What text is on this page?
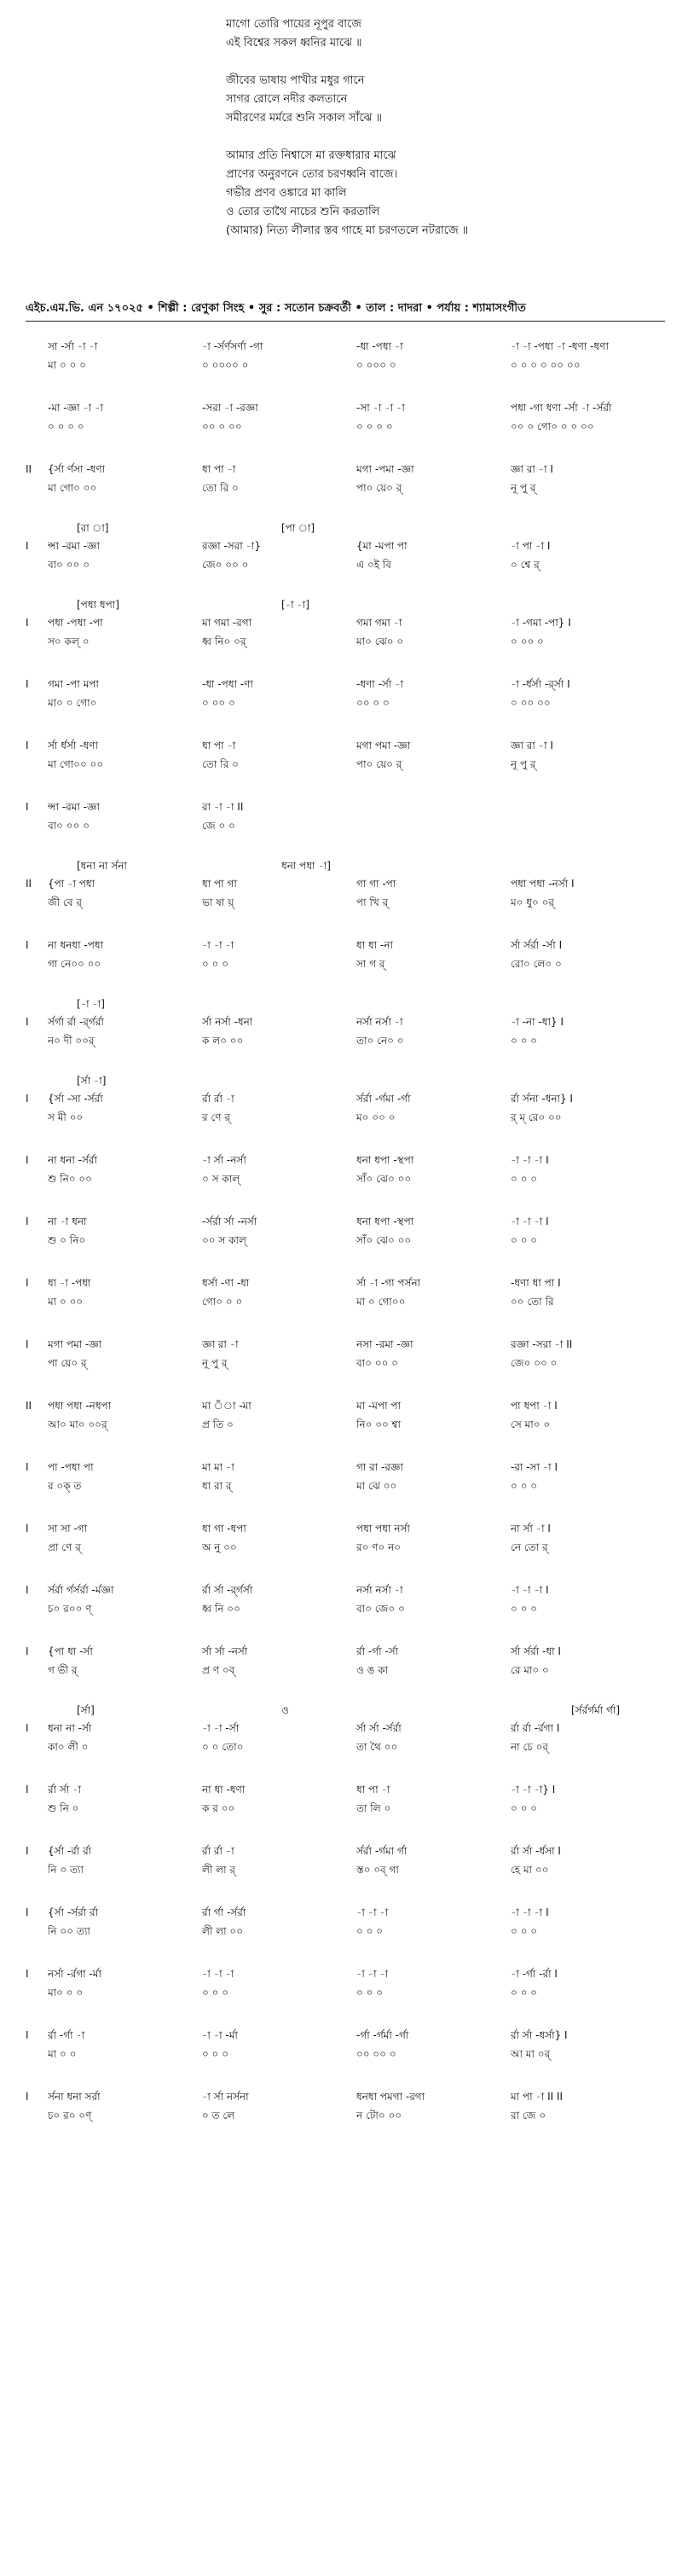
মাগো তোরি পায়ের নূপুর বাজে
এই বিশ্বের সকল ধ্বনির মাঝে ॥
জীবের ভাষায় পাখীর মধুর গানে
সাগর রোলে নদীর কলতানে
সমীরণের মর্মরে শুনি সকাল সাঁঝে ॥
আমার প্রতি নিশ্বাসে মা রক্তধারার মাঝে
প্রাণের অনুরণনে তোর চরণধ্বনি বাজে।
গভীর প্রণব ওঙ্কারে মা কালি
ও তোর তাথৈ নাচের শুনি করতালি
(আমার) নিত্য লীলার স্তব গাহে মা চরণতলে নটরাজে ॥
এইচ.এম.ভি. এন ১৭০২৫ • শিল্পী : রেণুকা সিংহ • সুর : সতোন চক্রবর্তী • তাল : দাদরা • পর্যায় : শ্যামাসংগীত
সা -র্সা -া -া	-া -র্সর্ণসর্ণা -গা	-ধা -পধা -া	-া -া -পধা -া -ধণা -ধণা
মা ০ ০ ০	০ ০০০০ ০	০ ০০০ ০	০ ০ ০ ০ ০০ ০০
-মা -জ্ঞা -া -া	-সরা -া -রজ্ঞা	-সা -া -া -া	পধা -গা ধণা -র্সা -া -র্সর্রা
০ ০ ০ ০	০০ ০ ০০	০ ০ ০ ০	০০ ০ গো০ ০ ০ ০০
II	{র্সা র্ণসা -ধণা	ধা পা -া	মগা -পমা -জ্ঞা	জ্ঞা রা -া I
মা গো০ ০০	তো রি ০	পা০ য়ে০ র্	নূ পু র্
[রা া]	[পা া]
I	ন্সা -রমা -জ্ঞা	রজ্ঞা -সরা -া}	{মা -মপা পা	-া পা -া I
বা০ ০০ ০	জে০ ০০ ০	এ ০ই বি	০ শ্বে র্
[পধা ধপা]	[-া -া]
I	পধা -পধা -পা	মা গমা -রগা	গমা গমা -া	-া -গমা -পা} I
স০ কল্ ০	ধ্ব নি০ ০র্	মা০ ঝে০ ০	০ ০০ ০
I	গমা -পা মপা	-ধা -পধা -ণা	-ধণা -র্সা -া	-া -র্ধর্সা -র্র্সা I
মা০ ০ গো০	০ ০০ ০	০০ ০ ০	০ ০০ ০০
I	র্সা র্ধর্সা -ধণা	ধা পা -া	মগা পমা -জ্ঞা	জ্ঞা রা -া I
মা গো০০ ০০	তো রি ০	পা০ য়ে০ র্	নূ পু র্
I	ন্সা -রমা -জ্ঞা	রা -া -া II
বা০ ০০ ০	জে ০ ০
[ধনা না র্সনা	ধনা পধা -া]
II	{পা -া পধা	ধা পা গা	গা গা -পা	পধা পধা -নর্সা I
জী বে র্	ভা ষা য়্	পা খি র্	ম০ ধু০ ০র্
I	না ধনধা -পধা	-া -া -া	ধা ধা -না	র্সা র্সর্রা -র্সা I
গা নে০০ ০০	০ ০ ০	সা গ র্	রো০ লে০ ০
[-া -া]
I	র্সর্গা র্রা -র্র্গর্রা	র্সা নর্সা -ধনা	নর্সা নর্সা -া	-া -না -ধা} I
ন০ দী ০০র্	ক ল০ ০০	তা০ নে০ ০	০ ০ ০
[র্সা -া]
I	{র্সা -সা -র্সর্রা	র্রা র্রা -া	র্সর্রা -র্গমা -র্গা	র্রা র্সনা -ধনা} I
স মী ০০	র ণে র্	ম০ ০০ ০	র্ ম্ রে০ ০০
I	না ধনা -র্সর্রা	-া র্সা -নর্সা	ধনা ধপা -স্থপা	-া -া -া I
শু নি০ ০০	০ স কাল্	সাঁ০ ঝে০ ০০	০ ০ ০
I	না -া ধনা	-র্সর্রা র্সা -নর্সা	ধনা ধপা -স্থপা	-া -া -া I
শু ০ নি০	০০ স কাল্	সাঁ০ ঝে০ ০০	০ ০ ০
I	ধা -া -পধা	ধর্সা -ণা -ধা	র্সা -া -গা পর্সনা	-ধণা ধা পা I
মা ০ ০০	গো০ ০ ০	মা ০ গো০০	০০ তো রি
I	মগা পমা -জ্ঞা	জ্ঞা রা -া	নসা -রমা -জ্ঞা	রজ্ঞা -সরা -া II
পা য়ে০ র্	নূ পু র্	বা০ ০০ ০	জে০ ০০ ০
II	পধা পধা -নধপা	মা ঁা -মা	মা -মপা পা	পা ধপা -া I
আ০ মা০ ০০র্	প্র তি ০	নি০ ০০ শ্বা	সে মা০ ০
I	পা -পধা পা	মা মা -া	গা রা -রজ্ঞা	-রা -সা -া I
র ০ক্ ত	ধা রা র্	মা ঝে ০০	০ ০ ০
I	সা সা -গা	ধা গা -ধপা	পধা পধা নর্সা	না র্সা -া I
প্রা ণে র্	অ নু ০০	র০ ণ০ ন০	নে তো র্
I	র্সর্রা র্গর্সর্রা -র্মজ্ঞা	র্রা র্সা -র্র্গর্সা	নর্সা নর্সা -া	-া -া -া I
চ০ র০০ ণ্	ধ্ব নি ০০	বা০ জে০ ০	০ ০ ০
I	{পা ধা -র্সা	র্সা র্সা -নর্সা	র্রা -র্গা -র্সা	র্সা র্সর্রা -ধা I
গ ভী র্	প্র ণ ০ব্	ও ঙ কা	রে মা০ ০
[র্সা]	ও	[র্সর্রর্গর্মা র্গা]
I	ধনা না -র্সা	-া -া -র্সা	র্সা র্সা -র্সর্রা	র্রা র্রা -র্রগা I
কা০ লী ০	০ ০ তো০	তা থৈ ০০	না চে ০র্
I	র্রা র্সা -া	না ধা -ধণা	ধা পা -া	-া -া -া} I
শু নি ০	ক র ০০	তা লি ০	০ ০ ০
I	{র্সা -র্রা র্রা	র্রা র্রা -া	র্সর্রা -র্গমা র্গা	র্রা র্সা -র্ধসা I
নি ০ ত্যা	লী লা র্	স্ত০ ০ব্ গা	হে মা ০০
I	{র্সা -র্সর্রা র্রা	র্রা র্গা -র্সর্রা	-া -া -া	-া -া -া I
নি ০০ ত্যা	লী লা ০০	০ ০ ০	০ ০ ০
I	নর্সা -র্রগা -র্মা	-া -া -া	-া -া -া	-া -র্গা -র্রা I
মা০ ০ ০	০ ০ ০	০ ০ ০	০ ০ ০
I	র্রা -র্গা -া	-া -া -র্মা	-র্গা -র্গর্মা -র্গা	র্রা র্সা -ধর্সা} I
মা ০ ০	০ ০ ০	০০ ০০ ০	আ মা ০র্
I	র্সনা ধনা সর্রা	-া র্সা নর্সনা	ধনধা পমগা -রগা	মা পা -া II II
চ০ র০ ০ণ্	০ ত লে	ন টো০ ০০	রা জে ০
